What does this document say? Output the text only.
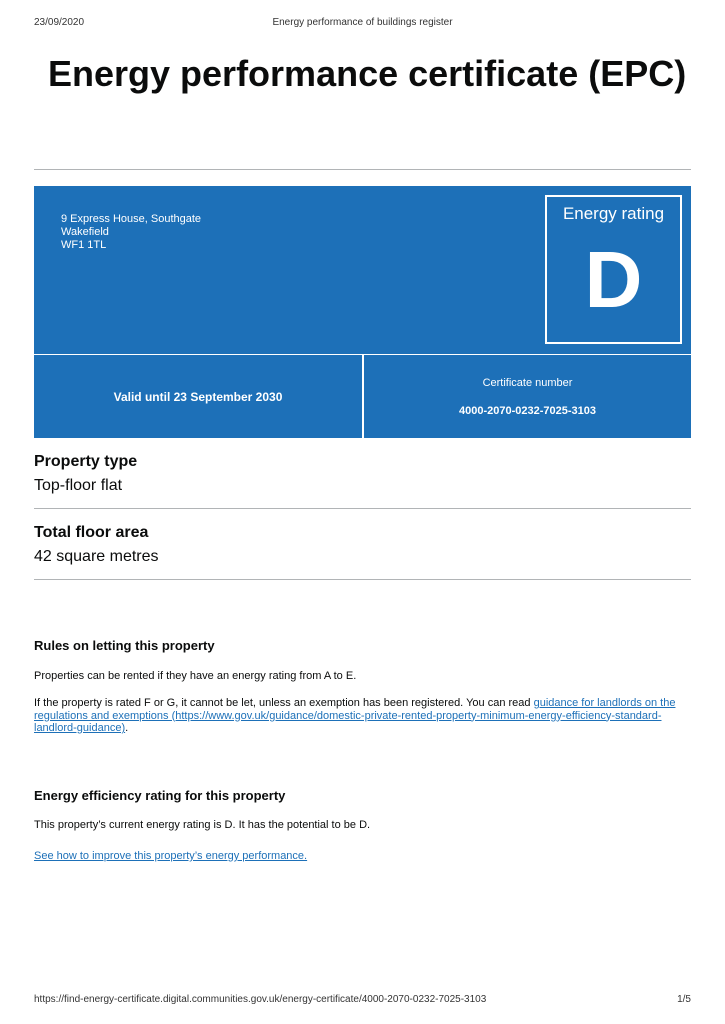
23/09/2020	Energy performance of buildings register
Energy performance certificate (EPC)
9 Express House, Southgate
Wakefield
WF1 1TL
Energy rating
D
Valid until 23 September 2030
Certificate number
4000-2070-0232-7025-3103
Property type

Top-floor flat

Total floor area

42 square metres

Rules on letting this property

Properties can be rented if they have an energy rating from A to E.

If the property is rated F or G, it cannot be let, unless an exemption has been registered. You can read guidance for landlords on the regulations and exemptions (https://www.gov.uk/guidance/domestic-private-rented-property-minimum-energy-efficiency-standard-landlord-guidance).

Energy efficiency rating for this property

This property’s current energy rating is D. It has the potential to be D.

See how to improve this property’s energy performance.

https://find-energy-certificate.digital.communities.gov.uk/energy-certificate/4000-2070-0232-7025-3103	1/5
